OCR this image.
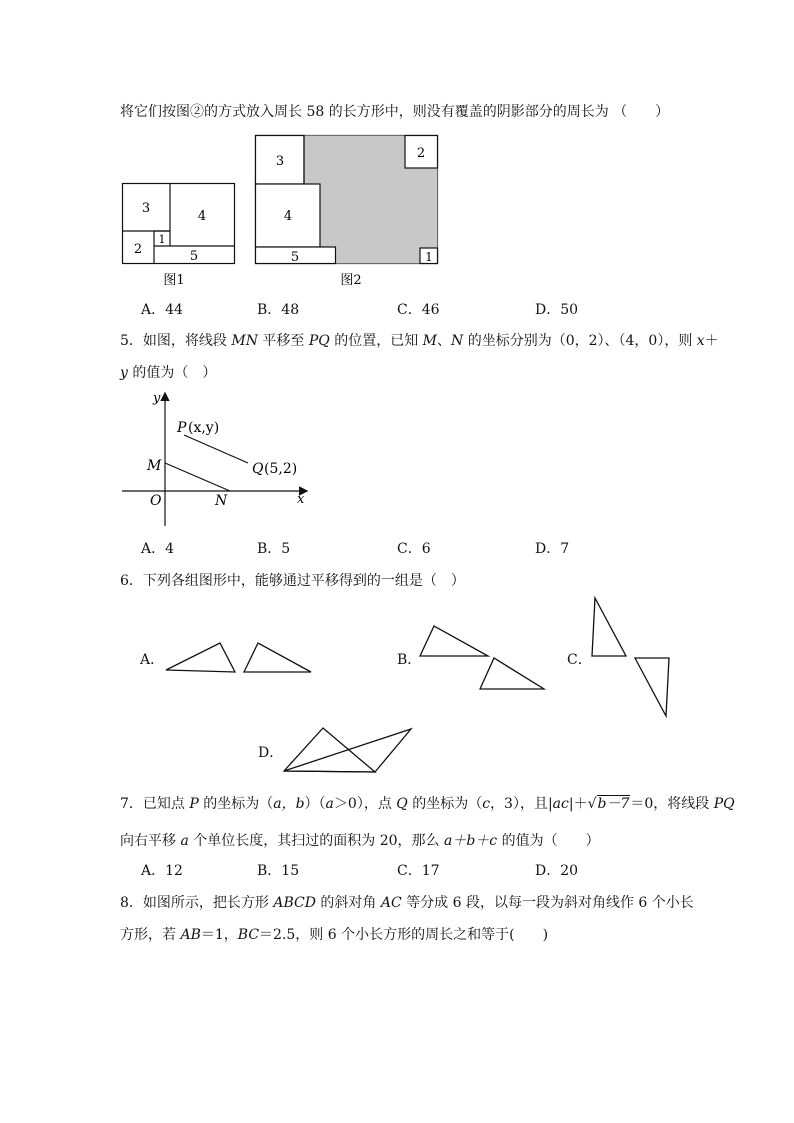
将它们按图②的方式放入周长 58 的长方形中，则没有覆盖的阴影部分的周长为 （　　）
3
4
2
1
5
图1
3
2
4
5	1
图2
A．44	B．48	C．46	D．50
5．如图，将线段 MN 平移至 PQ 的位置，已知 M、N 的坐标分别为（0，2）、（4，0），则 x＋
y 的值为（　）
y
x
P (x,y)
Q (5,2)
M
O	N
A．4	B．5	C．6	D．7
6．下列各组图形中，能够通过平移得到的一组是（　）
A．	B．	C．
D．
7．已知点 P 的坐标为（a，b）（a＞0），点 Q 的坐标为（c，3），且|ac|＋√b－7＝0，将线段 PQ
向右平移 a 个单位长度，其扫过的面积为 20，那么 a＋b＋c 的值为（　　）
A．12	B．15	C．17	D．20
8．如图所示，把长方形 ABCD 的斜对角 AC 等分成 6 段，以每一段为斜对角线作 6 个小长
方形，若 AB＝1，BC＝2.5，则 6 个小长方形的周长之和等于(　　)
